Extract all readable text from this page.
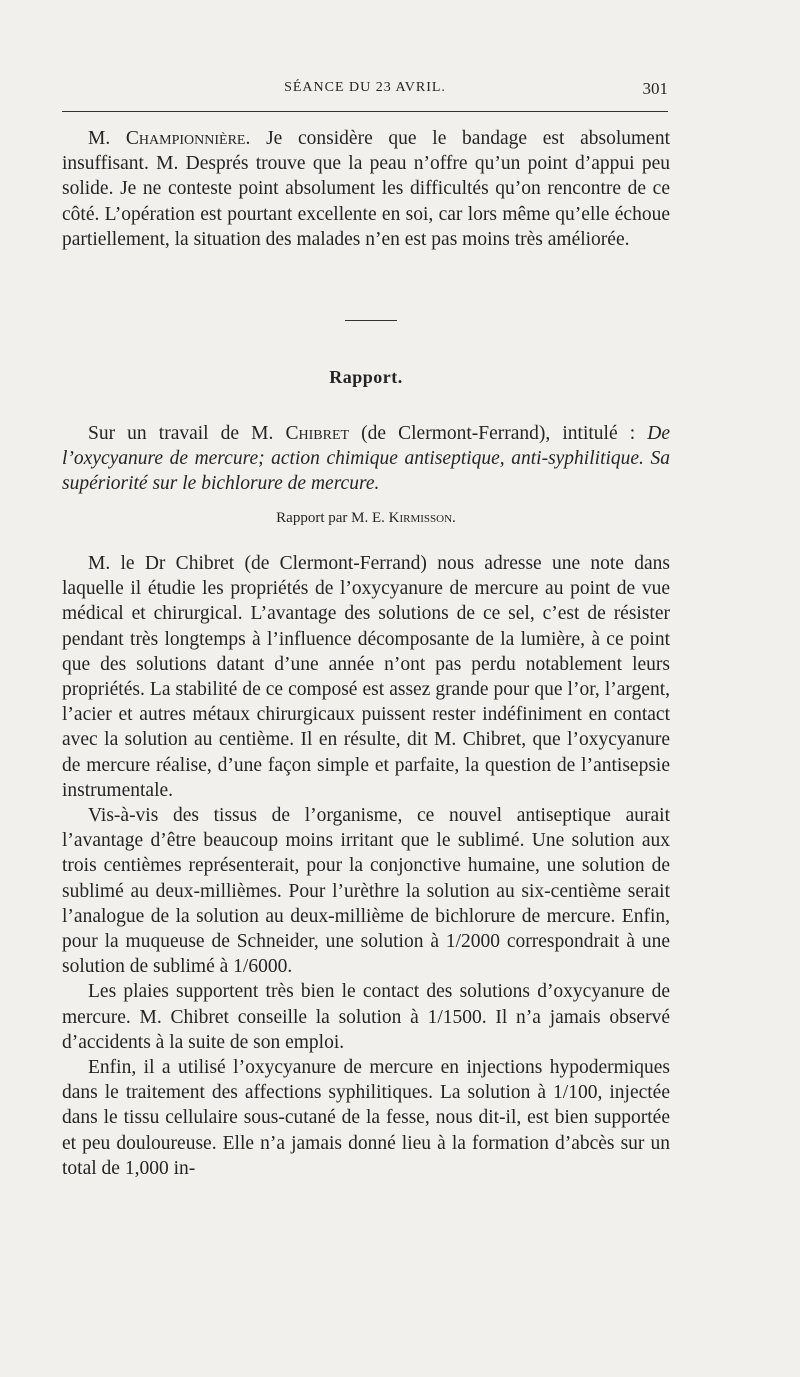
SÉANCE DU 23 AVRIL.	301

M. Championnière. Je considère que le bandage est absolument insuffisant. M. Després trouve que la peau n’offre qu’un point d’appui peu solide. Je ne conteste point absolument les difficultés qu’on rencontre de ce côté. L’opération est pourtant excellente en soi, car lors même qu’elle échoue partiellement, la situation des malades n’en est pas moins très améliorée.

Rapport.

Sur un travail de M. Chibret (de Clermont-Ferrand), intitulé : De l’oxycyanure de mercure; action chimique antiseptique, anti-syphilitique. Sa supériorité sur le bichlorure de mercure.

Rapport par M. E. Kirmisson.

M. le Dr Chibret (de Clermont-Ferrand) nous adresse une note dans laquelle il étudie les propriétés de l’oxycyanure de mercure au point de vue médical et chirurgical. L’avantage des solutions de ce sel, c’est de résister pendant très longtemps à l’influence décomposante de la lumière, à ce point que des solutions datant d’une année n’ont pas perdu notablement leurs propriétés. La stabilité de ce composé est assez grande pour que l’or, l’argent, l’acier et autres métaux chirurgicaux puissent rester indéfiniment en contact avec la solution au centième. Il en résulte, dit M. Chibret, que l’oxycyanure de mercure réalise, d’une façon simple et parfaite, la question de l’antisepsie instrumentale.

Vis-à-vis des tissus de l’organisme, ce nouvel antiseptique aurait l’avantage d’être beaucoup moins irritant que le sublimé. Une solution aux trois centièmes représenterait, pour la conjonctive humaine, une solution de sublimé au deux-millièmes. Pour l’urèthre la solution au six-centième serait l’analogue de la solution au deux-millième de bichlorure de mercure. Enfin, pour la muqueuse de Schneider, une solution à 1/2000 correspondrait à une solution de sublimé à 1/6000.

Les plaies supportent très bien le contact des solutions d’oxycyanure de mercure. M. Chibret conseille la solution à 1/1500. Il n’a jamais observé d’accidents à la suite de son emploi.

Enfin, il a utilisé l’oxycyanure de mercure en injections hypodermiques dans le traitement des affections syphilitiques. La solution à 1/100, injectée dans le tissu cellulaire sous-cutané de la fesse, nous dit-il, est bien supportée et peu douloureuse. Elle n’a jamais donné lieu à la formation d’abcès sur un total de 1,000 in-
